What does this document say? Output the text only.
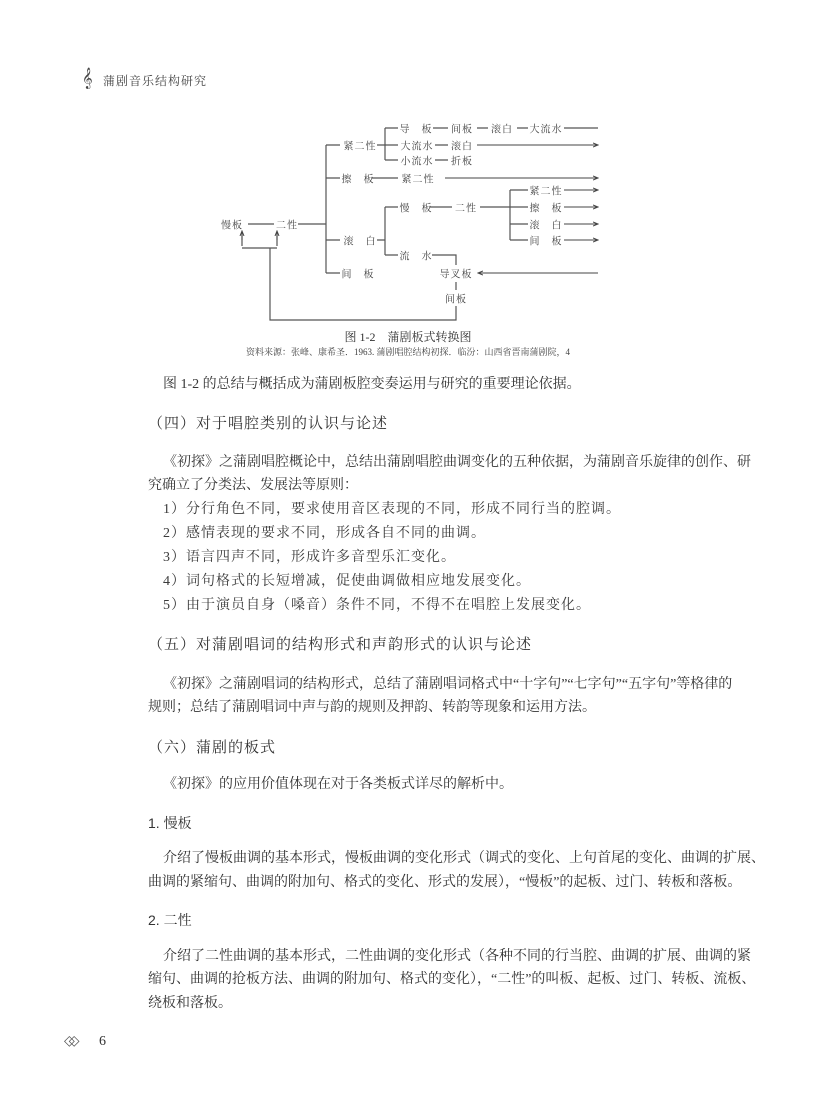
𝄞 蒲剧音乐结构研究
慢板	二性
紧二性
擦　板
滚　白
间　板
导　板 间板 滚白 大流水
大流水 滚白
小流水 折板
紧二性
慢　板 二性
紧二性
擦　板
滚　白
间　板
流　水
导叉板
间板
图 1-2　蒲剧板式转换图
资料来源：张峰、康希圣．1963. 蒲剧唱腔结构初探．临汾：山西省晋南蒲剧院，4
图 1-2 的总结与概括成为蒲剧板腔变奏运用与研究的重要理论依据。
（四）对于唱腔类别的认识与论述
《初探》之蒲剧唱腔概论中，总结出蒲剧唱腔曲调变化的五种依据，为蒲剧音乐旋律的创作、研
究确立了分类法、发展法等原则：
1）分行角色不同，要求使用音区表现的不同，形成不同行当的腔调。
2）感情表现的要求不同，形成各自不同的曲调。
3）语言四声不同，形成许多音型乐汇变化。
4）词句格式的长短增减，促使曲调做相应地发展变化。
5）由于演员自身（嗓音）条件不同，不得不在唱腔上发展变化。
（五）对蒲剧唱词的结构形式和声韵形式的认识与论述
《初探》之蒲剧唱词的结构形式，总结了蒲剧唱词格式中“十字句”“七字句”“五字句”等格律的
规则；总结了蒲剧唱词中声与韵的规则及押韵、转韵等现象和运用方法。
（六）蒲剧的板式
《初探》的应用价值体现在对于各类板式详尽的解析中。
1. 慢板
介绍了慢板曲调的基本形式，慢板曲调的变化形式（调式的变化、上句首尾的变化、曲调的扩展、
曲调的紧缩句、曲调的附加句、格式的变化、形式的发展），“慢板”的起板、过门、转板和落板。
2. 二性
介绍了二性曲调的基本形式，二性曲调的变化形式（各种不同的行当腔、曲调的扩展、曲调的紧
缩句、曲调的抢板方法、曲调的附加句、格式的变化），“二性”的叫板、起板、过门、转板、流板、
绕板和落板。
◇◇ 6
